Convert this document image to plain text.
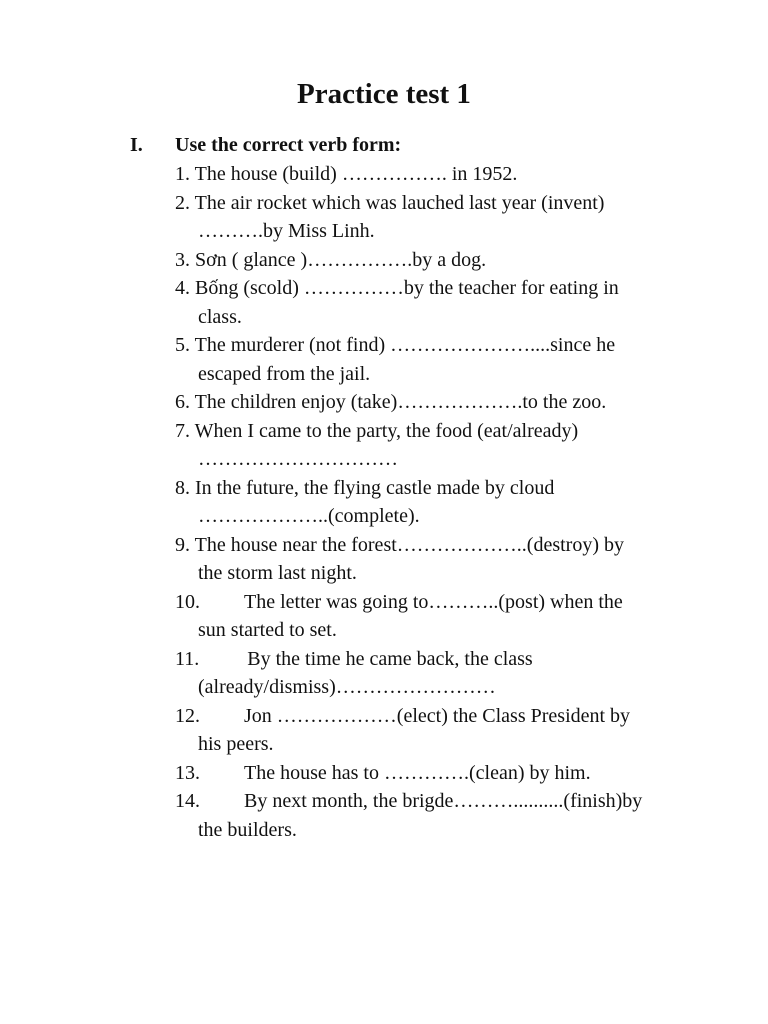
Practice test 1
I. Use the correct verb form:
1. The house (build) ……………. in 1952.
2. The air rocket which was lauched last year (invent)
……….by Miss Linh.
3. Sơn ( glance )…………….by a dog.
4. Bống (scold) ……………by the teacher for eating in
class.
5. The murderer (not find) …………………....since he
escaped from the jail.
6. The children enjoy (take)……………….to the zoo.
7. When I came to the party, the food (eat/already)
…………………………
8. In the future, the flying castle made by cloud
………………..(complete).
9. The house near the forest………………..(destroy) by
the storm last night.
10. The letter was going to………..(post) when the
sun started to set.
11. By the time he came back, the class
(already/dismiss)……………………
12. Jon ………………(elect) the Class President by
his peers.
13. The house has to ………….(clean) by him.
14. By next month, the brigde………..........(finish)by
the builders.
